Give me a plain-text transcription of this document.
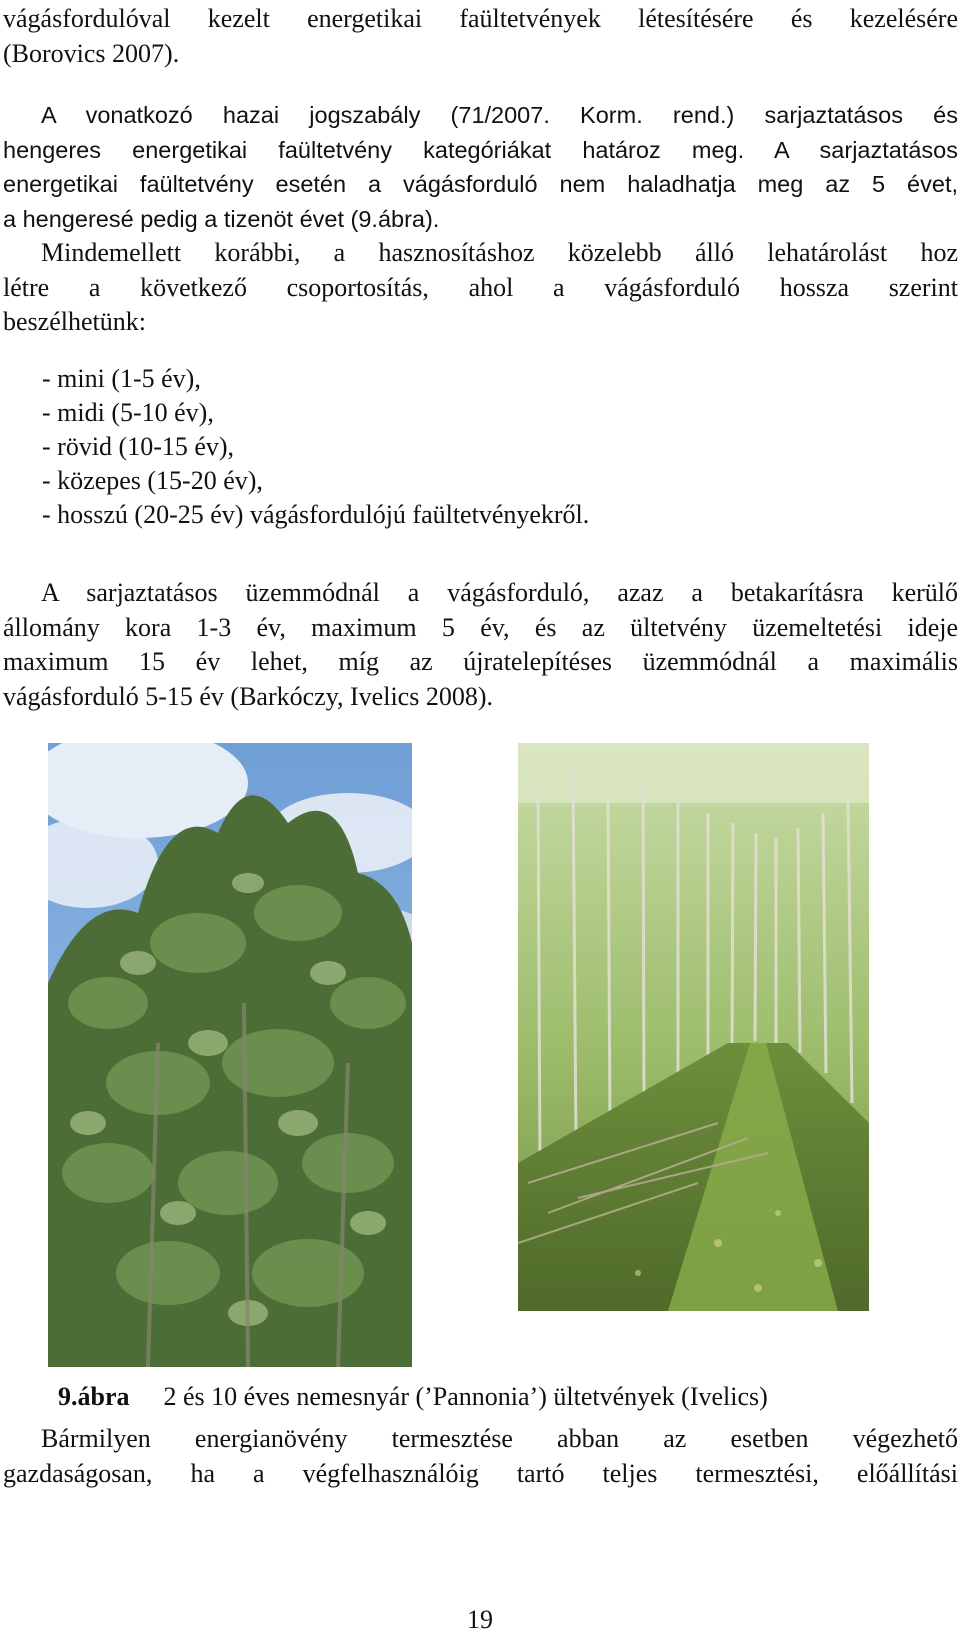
vágásfordulóval kezelt energetikai faültetvények létesítésére és kezelésére
(Borovics 2007).
A vonatkozó hazai jogszabály (71/2007. Korm. rend.) sarjaztatásos és
hengeres energetikai faültetvény kategóriákat határoz meg. A sarjaztatásos
energetikai faültetvény esetén a vágásforduló nem haladhatja meg az 5 évet,
a hengeresé pedig a tizenöt évet (9.ábra).
Mindemellett korábbi, a hasznosításhoz közelebb álló lehatárolást hoz
létre a következő csoportosítás, ahol a vágásforduló hossza szerint
beszélhetünk:
- mini (1-5 év),
- midi (5-10 év),
- rövid (10-15 év),
- közepes (15-20 év),
- hosszú (20-25 év) vágásfordulójú faültetvényekről.
A sarjaztatásos üzemmódnál a vágásforduló, azaz a betakarításra kerülő
állomány kora 1-3 év, maximum 5 év, és az ültetvény üzemeltetési ideje
maximum 15 év lehet, míg az újratelepítéses üzemmódnál a maximális
vágásforduló 5-15 év (Barkóczy, Ivelics 2008).
9.ábra 2 és 10 éves nemesnyár (’Pannonia’) ültetvények (Ivelics)
Bármilyen energianövény termesztése abban az esetben végezhető
gazdaságosan, ha a végfelhasználóig tartó teljes termesztési, előállítási
19
